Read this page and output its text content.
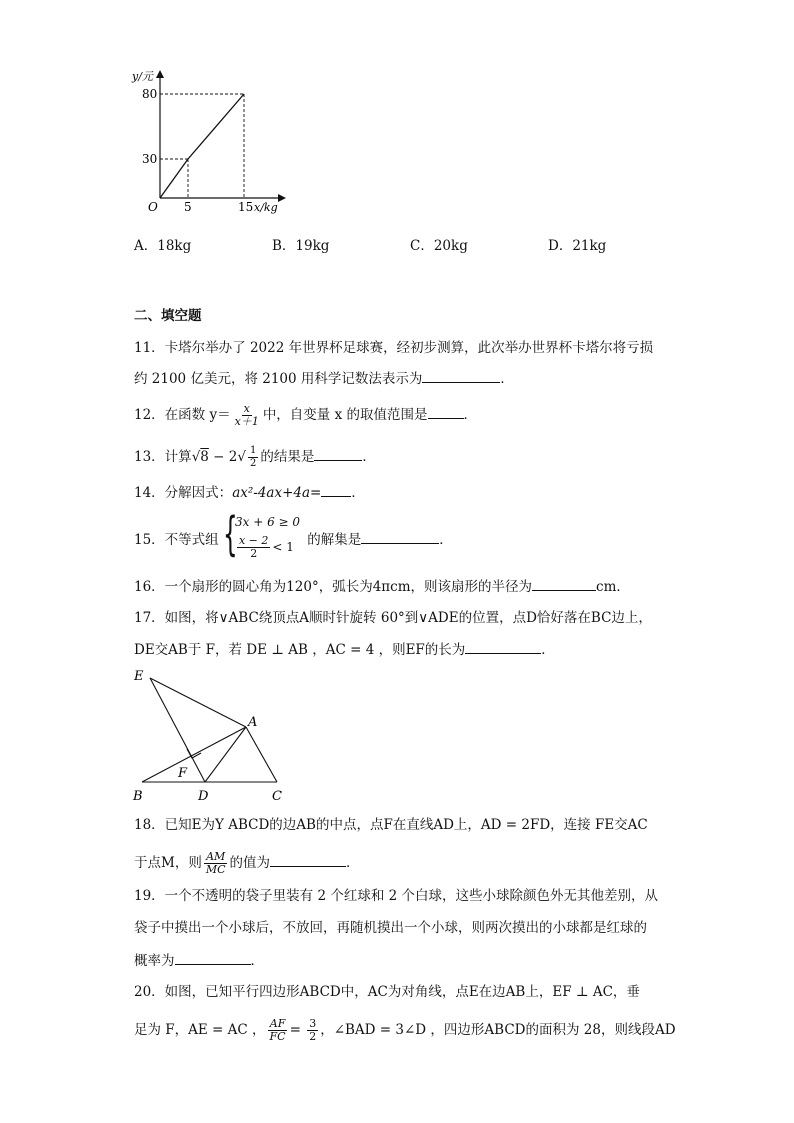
y/元
80
30
O 5	15 x/kg
A．18kg	B．19kg	C．20kg	D．21kg
二、填空题
11．卡塔尔举办了 2022 年世界杯足球赛，经初步测算，此次举办世界杯卡塔尔将亏损
约 2100 亿美元，将 2100 用科学记数法表示为	．
12．在函数 $y= \frac{x}{x+1}$ 中，自变量 x 的取值范围是	．
13．计算$√8 - 2√ \frac{1}{2}$ 的结果是	．
14．分解因式：ax²-4ax+4a= ．
15．不等式组 {
3x + 6 ≥ 0
$\frac{x - 2}{2} < 1$ 的解集是	．
16．一个扇形的圆心角为120°，弧长为4πcm，则该扇形的半径为	cm．
17．如图，将∨ABC绕顶点A顺时针旋转 60°到∨ADE的位置，点D恰好落在BC边上，
DE交AB于 F，若 DE ⊥ AB ，AC = 4 ，则EF的长为	．
E
A
F
B	D	C
18．已知E为Y ABCD的边AB的中点，点F在直线AD上，AD = 2FD，连接 FE交AC
于点M，则 $\frac{AM}{MC}$ 的值为	．
19．一个不透明的袋子里装有 2 个红球和 2 个白球，这些小球除颜色外无其他差别，从
袋子中摸出一个小球后，不放回，再随机摸出一个小球，则两次摸出的小球都是红球的
概率为	．
20．如图，已知平行四边形ABCD中，AC为对角线，点E在边AB上，EF ⊥ AC，垂
足为 F，AE = AC ， $\frac{AF}{FC} = \frac{3}{2}$ ，∠BAD = 3∠D ，四边形ABCD的面积为 28，则线段AD
